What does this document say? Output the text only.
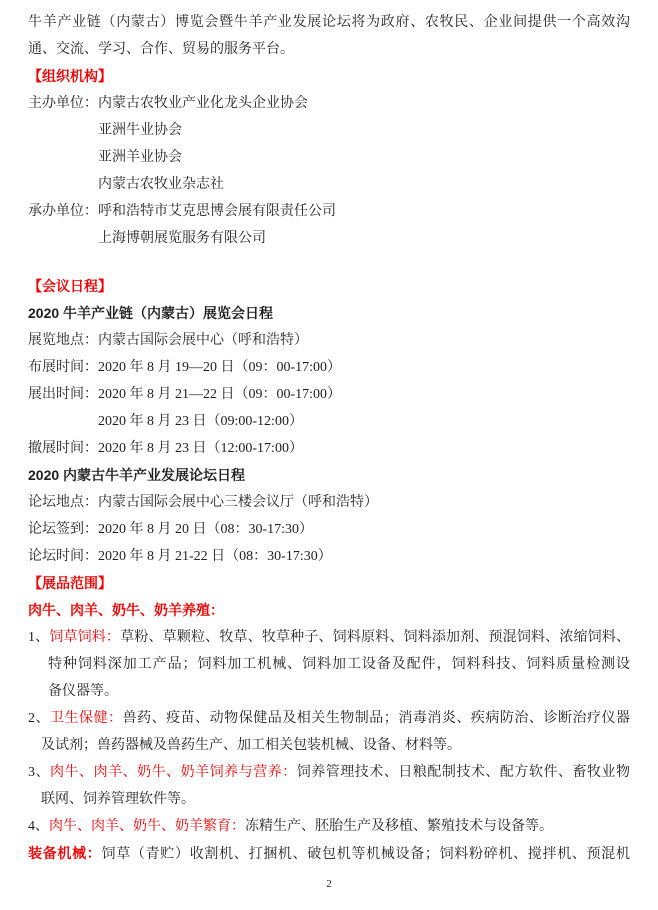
牛羊产业链（内蒙古）博览会暨牛羊产业发展论坛将为政府、农牧民、企业间提供一个高效沟
通、交流、学习、合作、贸易的服务平台。
【组织机构】
主办单位：内蒙古农牧业产业化龙头企业协会
亚洲牛业协会
亚洲羊业协会
内蒙古农牧业杂志社
承办单位：呼和浩特市艾克思博会展有限责任公司
上海博朝展览服务有限公司
【会议日程】
2020 牛羊产业链（内蒙古）展览会日程
展览地点：内蒙古国际会展中心（呼和浩特）
布展时间：2020 年 8 月 19—20 日（09：00-17:00）
展出时间：2020 年 8 月 21—22 日（09：00-17:00）
2020 年 8 月 23 日（09:00-12:00）
撤展时间：2020 年 8 月 23 日（12:00-17:00）
2020 内蒙古牛羊产业发展论坛日程
论坛地点：内蒙古国际会展中心三楼会议厅（呼和浩特）
论坛签到：2020 年 8 月 20 日（08：30-17:30）
论坛时间：2020 年 8 月 21-22 日（08：30-17:30）
【展品范围】
肉牛、肉羊、奶牛、奶羊养殖：
1、饲草饲料：草粉、草颗粒、牧草、牧草种子、饲料原料、饲料添加剂、预混饲料、浓缩饲料、
特种饲料深加工产品；饲料加工机械、饲料加工设备及配件，饲料科技、饲料质量检测设
备仪器等。
2、卫生保健：兽药、疫苗、动物保健品及相关生物制品；消毒消炎、疾病防治、诊断治疗仪器
及试剂；兽药器械及兽药生产、加工相关包装机械、设备、材料等。
3、肉牛、肉羊、奶牛、奶羊饲养与营养：饲养管理技术、日粮配制技术、配方软件、畜牧业物
联网、饲养管理软件等。
4、肉牛、肉羊、奶牛、奶羊繁育：冻精生产、胚胎生产及移植、繁殖技术与设备等。
装备机械：饲草（青贮）收割机、打捆机、破包机等机械设备；饲料粉碎机、搅拌机、预混机
2
